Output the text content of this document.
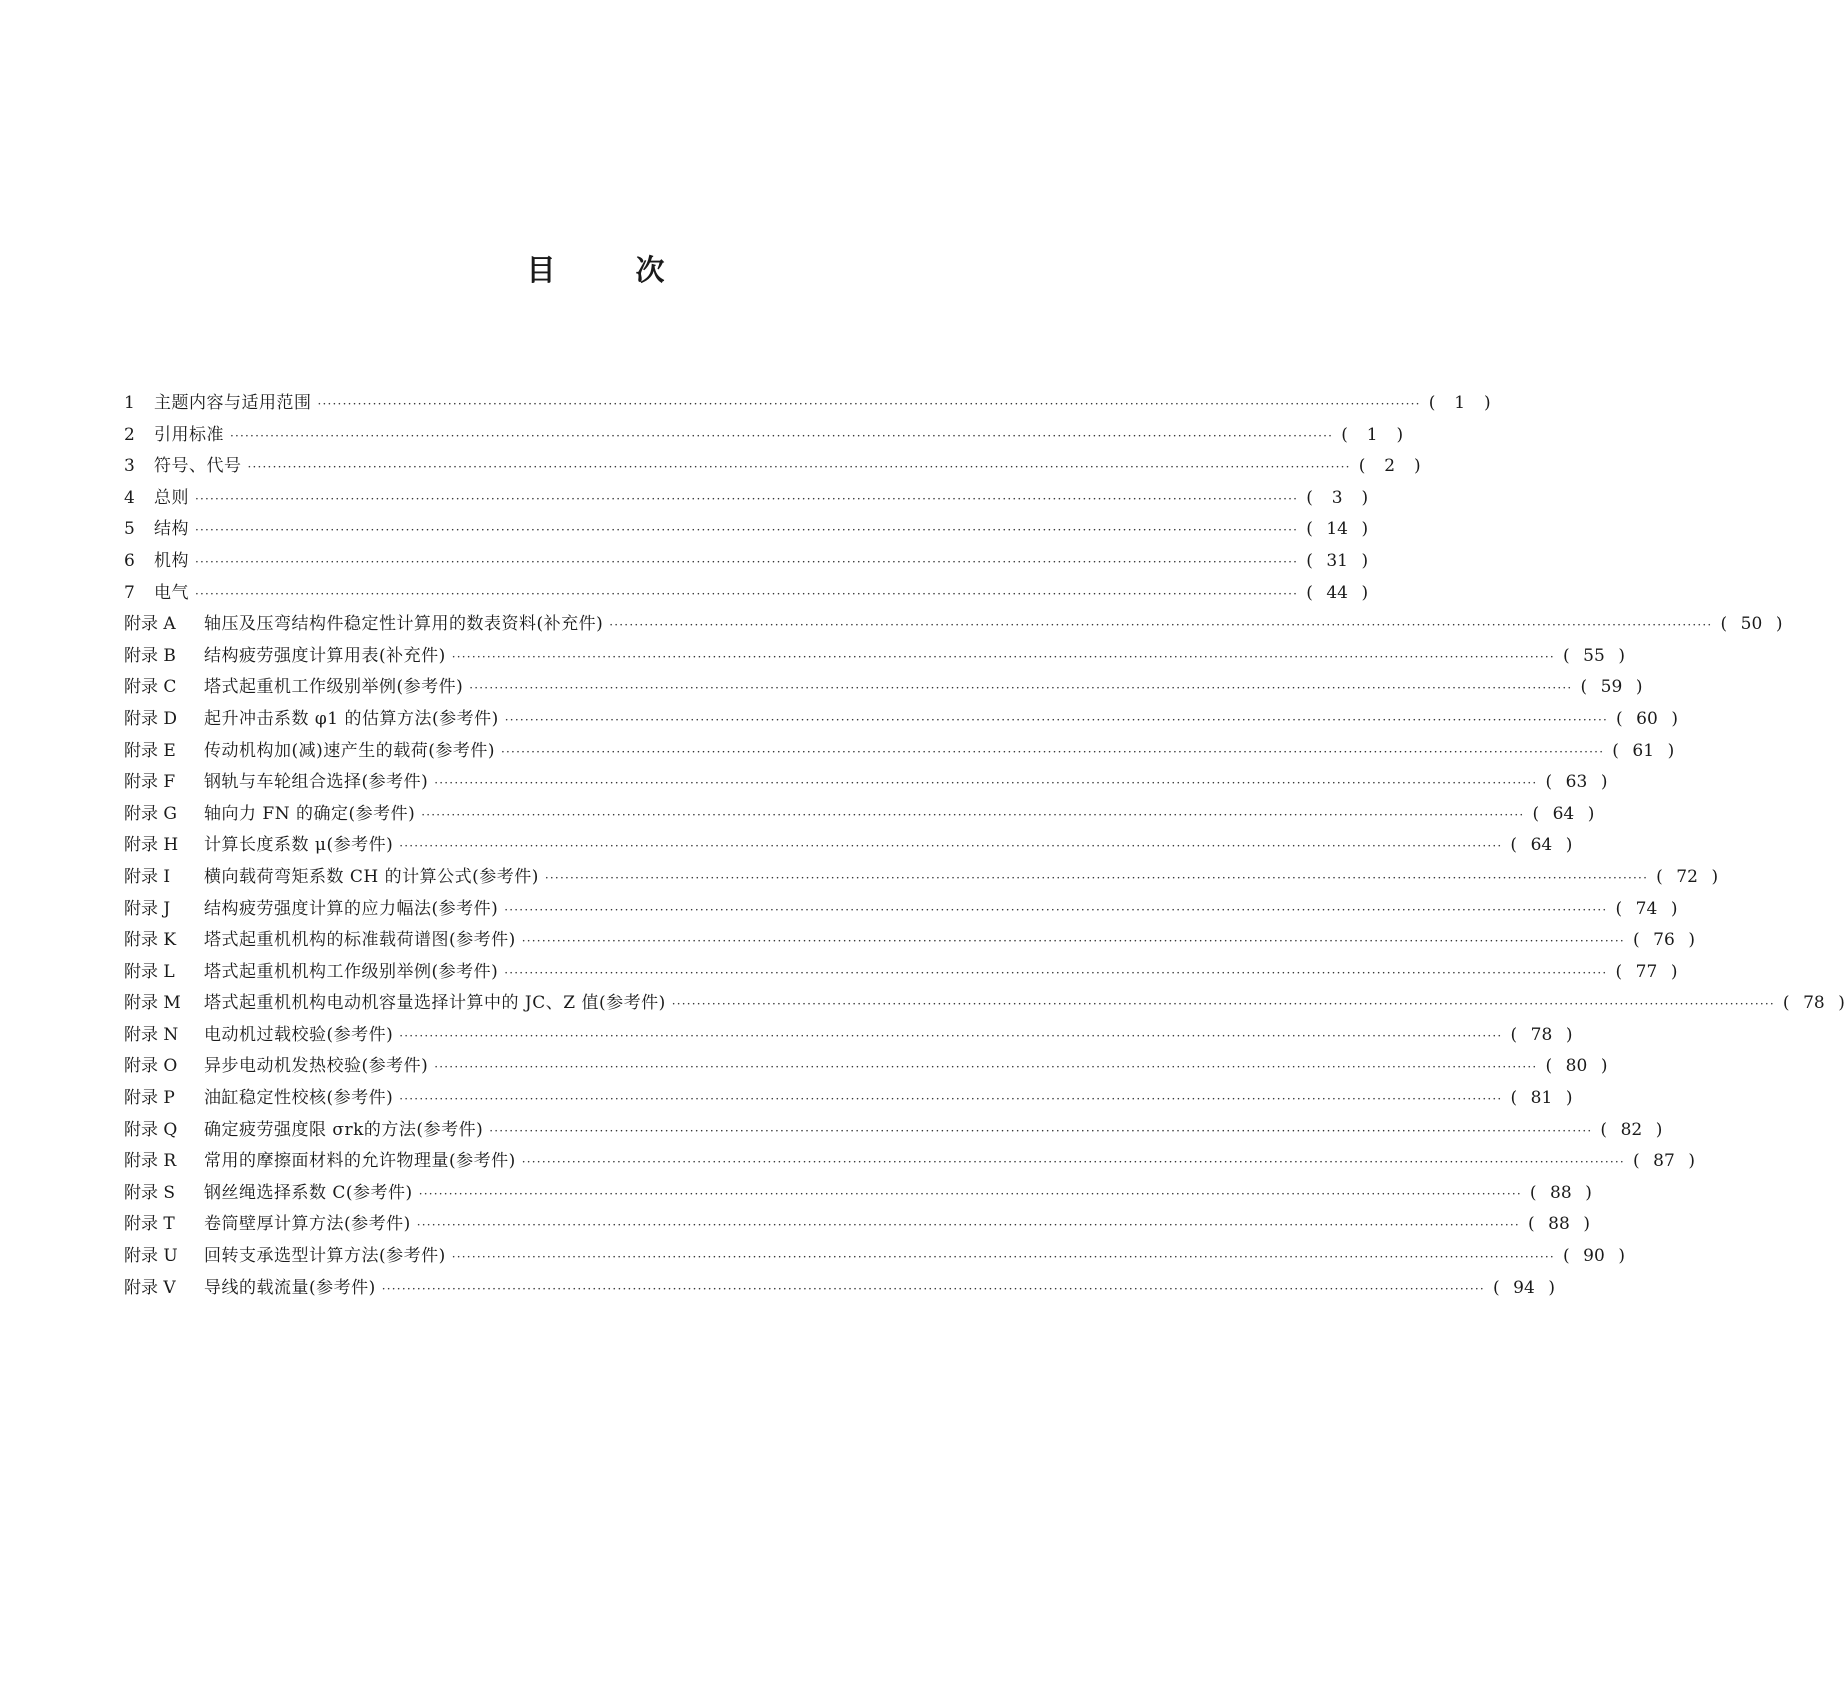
目	次
1	主题内容与适用范围 ···························································································································································································································· (	1	)
2	引用标准 ···························································································································································································································· (	1	)
3	符号、代号 ···························································································································································································································· (	2	)
4	总则 ···························································································································································································································· (	3	)
5	结构 ···························································································································································································································· ( 14 )
6	机构 ···························································································································································································································· ( 31 )
7	电气 ···························································································································································································································· ( 44 )
附录 A	轴压及压弯结构件稳定性计算用的数表资料(补充件) ···························································································································································································································· ( 50 )
附录 B	结构疲劳强度计算用表(补充件) ···························································································································································································································· ( 55 )
附录 C	塔式起重机工作级别举例(参考件) ···························································································································································································································· ( 59 )
附录 D	起升冲击系数 φ1 的估算方法(参考件) ···························································································································································································································· ( 60 )
附录 E	传动机构加(减)速产生的载荷(参考件) ···························································································································································································································· ( 61 )
附录 F	钢轨与车轮组合选择(参考件) ···························································································································································································································· ( 63 )
附录 G	轴向力 FN 的确定(参考件) ···························································································································································································································· ( 64 )
附录 H	计算长度系数 μ(参考件) ···························································································································································································································· ( 64 )
附录 I	横向载荷弯矩系数 CH 的计算公式(参考件) ···························································································································································································································· ( 72 )
附录 J	结构疲劳强度计算的应力幅法(参考件) ···························································································································································································································· ( 74 )
附录 K	塔式起重机机构的标准载荷谱图(参考件) ···························································································································································································································· ( 76 )
附录 L	塔式起重机机构工作级别举例(参考件) ···························································································································································································································· ( 77 )
附录 M	塔式起重机机构电动机容量选择计算中的 JC、Z 值(参考件) ···························································································································································································································· ( 78 )
附录 N	电动机过载校验(参考件) ···························································································································································································································· ( 78 )
附录 O	异步电动机发热校验(参考件) ···························································································································································································································· ( 80 )
附录 P	油缸稳定性校核(参考件) ···························································································································································································································· ( 81 )
附录 Q	确定疲劳强度限 σrk的方法(参考件) ···························································································································································································································· ( 82 )
附录 R	常用的摩擦面材料的允许物理量(参考件) ···························································································································································································································· ( 87 )
附录 S	钢丝绳选择系数 C(参考件) ···························································································································································································································· ( 88 )
附录 T	卷筒壁厚计算方法(参考件) ···························································································································································································································· ( 88 )
附录 U	回转支承选型计算方法(参考件) ···························································································································································································································· ( 90 )
附录 V	导线的载流量(参考件) ···························································································································································································································· ( 94 )
